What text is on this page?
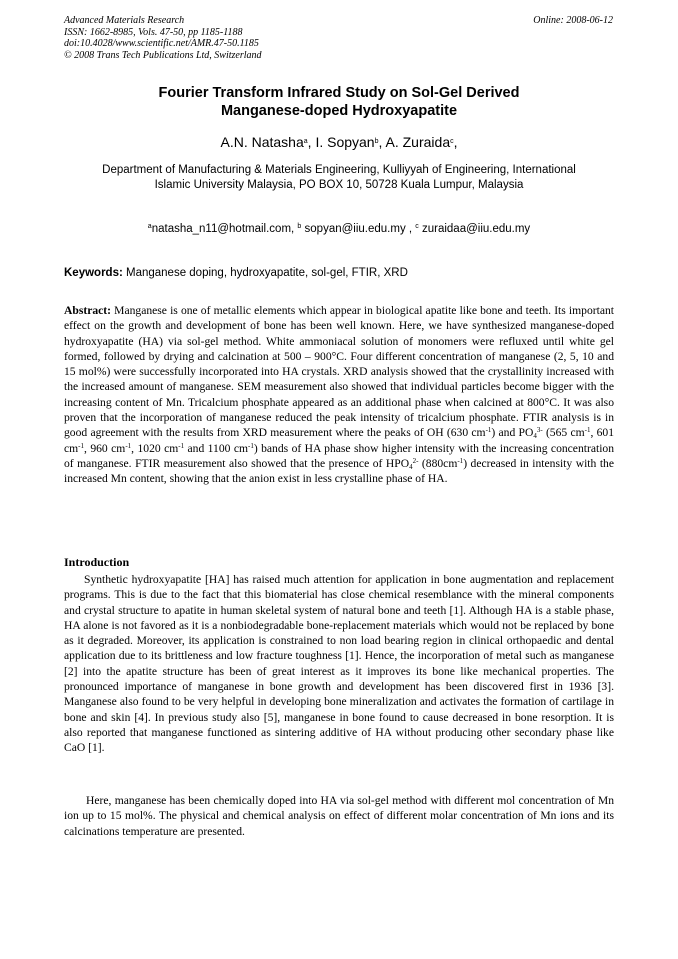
Advanced Materials Research
ISSN: 1662-8985, Vols. 47-50, pp 1185-1188
doi:10.4028/www.scientific.net/AMR.47-50.1185
© 2008 Trans Tech Publications Ltd, Switzerland
Online: 2008-06-12
Fourier Transform Infrared Study on Sol-Gel Derived
Manganese-doped Hydroxyapatite
A.N. Natasha$^a$, I. Sopyan$^b$, A. Zuraida$^c$,
Department of Manufacturing & Materials Engineering, Kulliyyah of Engineering, International
Islamic University Malaysia, PO BOX 10, 50728 Kuala Lumpur, Malaysia
$^a$natasha_n11@hotmail.com, $^b$ sopyan@iiu.edu.my , $^c$ zuraidaa@iiu.edu.my
Keywords: Manganese doping, hydroxyapatite, sol-gel, FTIR, XRD
Abstract: Manganese is one of metallic elements which appear in biological apatite like bone and teeth. Its important effect on the growth and development of bone has been well known. Here, we have synthesized manganese-doped hydroxyapatite (HA) via sol-gel method. White ammoniacal solution of monomers were refluxed until white gel formed, followed by drying and calcination at 500 – 900°C. Four different concentration of manganese (2, 5, 10 and 15 mol%) were successfully incorporated into HA crystals. XRD analysis showed that the crystallinity increased with the increased amount of manganese. SEM measurement also showed that individual particles become bigger with the increasing content of Mn. Tricalcium phosphate appeared as an additional phase when calcined at 800°C. It was also proven that the incorporation of manganese reduced the peak intensity of tricalcium phosphate. FTIR analysis is in good agreement with the results from XRD measurement where the peaks of OH (630 $cm^{-1}$) and $PO_4^{3-}$ (565 $cm^{-1}$, 601 $cm^{-1}$, 960 $cm^{-1}$, 1020 $cm^{-1}$ and 1100 $cm^{-1}$) bands of HA phase show higher intensity with the increasing concentration of manganese. FTIR measurement also showed that the presence of $HPO_4^{2-}$ $(880cm^{-1})$ decreased in intensity with the increased Mn content, showing that the anion exist in less crystalline phase of HA.
Introduction

Synthetic hydroxyapatite [HA] has raised much attention for application in bone augmentation and replacement programs. This is due to the fact that this biomaterial has close chemical resemblance with the mineral components and crystal structure to apatite in human skeletal system of natural bone and teeth [1]. Although HA is a stable phase, HA alone is not favored as it is a nonbiodegradable bone-replacement materials which would not be replaced by bone as it degraded. Moreover, its application is constrained to non load bearing region in clinical orthopaedic and dental application due to its brittleness and low fracture toughness [1]. Hence, the incorporation of metal such as manganese [2] into the apatite structure has been of great interest as it improves its bone like mechanical properties. The pronounced importance of manganese in bone growth and development has been discovered first in 1936 [3]. Manganese also found to be very helpful in developing bone mineralization and activates the formation of cartilage in bone and skin [4]. In previous study also [5], manganese in bone found to cause decreased in bone resorption. It is also reported that manganese functioned as sintering additive of HA without producing other secondary phase like CaO [1].

Here, manganese has been chemically doped into HA via sol-gel method with different mol concentration of Mn ion up to 15 mol%. The physical and chemical analysis on effect of different molar concentration of Mn ions and its calcinations temperature are presented.
